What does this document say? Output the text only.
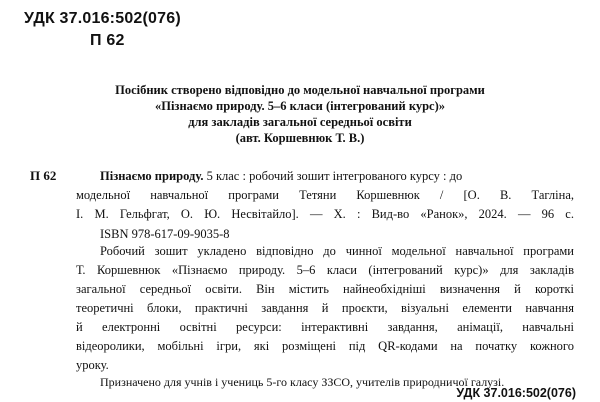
УДК 37.016:502(076)
П 62
Посібник створено відповідно до модельної навчальної програми
«Пізнаємо природу. 5–6 класи (інтегрований курс)»
для закладів загальної середньої освіти
(авт. Коршевнюк Т. В.)
П 62	Пізнаємо природу. 5 клас : робочий зошит інтегрованого курсу : до
модельної навчальної програми Тетяни Коршевнюк / [О. В. Таглiна,
І. М. Гельфгат, О. Ю. Несвітайло]. — Х. : Вид-во «Ранок», 2024. — 96 с.
ISBN 978-617-09-9035-8
Робочий зошит укладено відповідно до чинної модельної навчальної програми
Т. Коршевнюк «Пізнаємо природу. 5–6 класи (інтегрований курс)» для закладів
загальної середньої освіти. Він містить найнеобхідніші визначення й короткі
теоретичні блоки, практичні завдання й проєкти, візуальні елементи навчання
й електронні освітні ресурси: інтерактивні завдання, анімації, навчальні
відеоролики, мобільні ігри, які розміщені під QR-кодами на початку кожного
уроку.
Призначено для учнів і учениць 5-го класу ЗЗСО, учителів природничої галузі.
УДК 37.016:502(076)
